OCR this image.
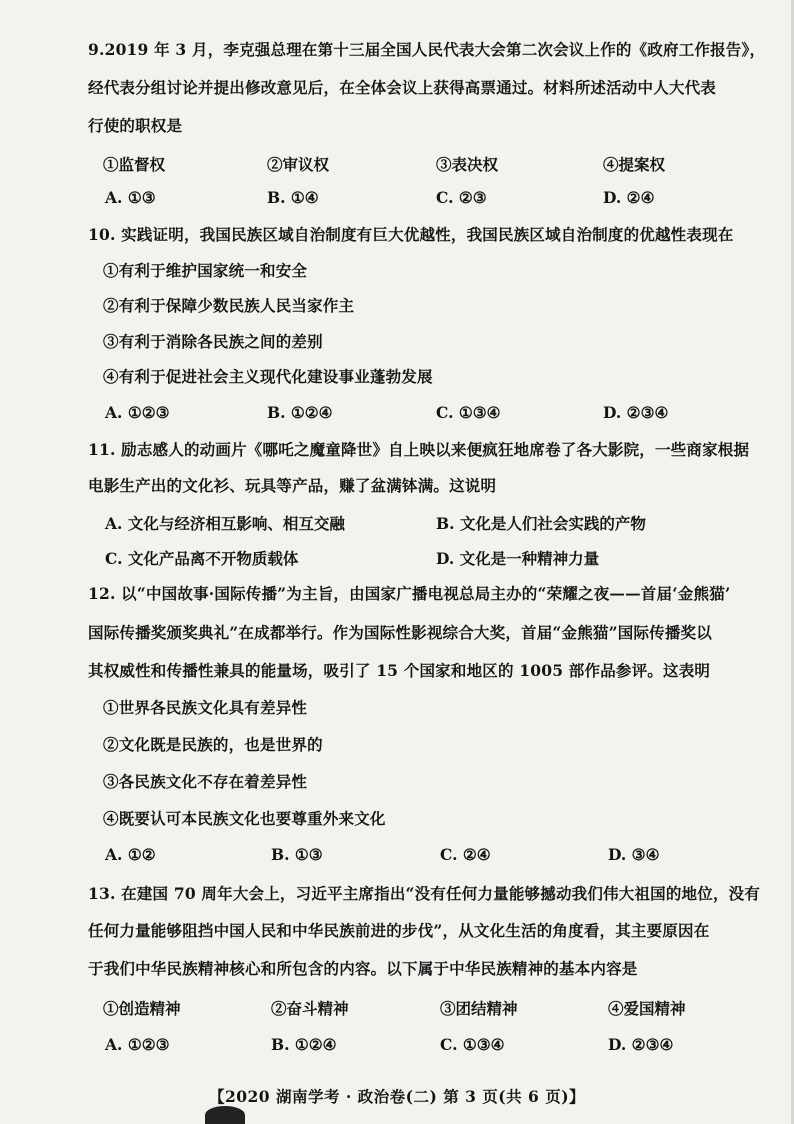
9.2019 年 3 月，李克强总理在第十三届全国人民代表大会第二次会议上作的《政府工作报告》，
经代表分组讨论并提出修改意见后，在全体会议上获得高票通过。材料所述活动中人大代表
行使的职权是
①监督权	②审议权	③表决权	④提案权
A. ①③	B. ①④	C. ②③	D. ②④
10. 实践证明，我国民族区域自治制度有巨大优越性，我国民族区域自治制度的优越性表现在
①有利于维护国家统一和安全
②有利于保障少数民族人民当家作主
③有利于消除各民族之间的差别
④有利于促进社会主义现代化建设事业蓬勃发展
A. ①②③	B. ①②④	C. ①③④	D. ②③④
11. 励志感人的动画片《哪吒之魔童降世》自上映以来便疯狂地席卷了各大影院，一些商家根据
电影生产出的文化衫、玩具等产品，赚了盆满钵满。这说明
A. 文化与经济相互影响、相互交融	B. 文化是人们社会实践的产物
C. 文化产品离不开物质载体	D. 文化是一种精神力量
12. 以“中国故事·国际传播”为主旨，由国家广播电视总局主办的“荣耀之夜——首届‘金熊猫’
国际传播奖颁奖典礼”在成都举行。作为国际性影视综合大奖，首届“金熊猫”国际传播奖以
其权威性和传播性兼具的能量场，吸引了 15 个国家和地区的 1005 部作品参评。这表明
①世界各民族文化具有差异性
②文化既是民族的，也是世界的
③各民族文化不存在着差异性
④既要认可本民族文化也要尊重外来文化
A. ①②	B. ①③	C. ②④	D. ③④
13. 在建国 70 周年大会上，习近平主席指出“没有任何力量能够撼动我们伟大祖国的地位，没有
任何力量能够阻挡中国人民和中华民族前进的步伐”，从文化生活的角度看，其主要原因在
于我们中华民族精神核心和所包含的内容。以下属于中华民族精神的基本内容是
①创造精神	②奋斗精神	③团结精神	④爱国精神
A. ①②③	B. ①②④	C. ①③④	D. ②③④
【2020 湖南学考 · 政治卷(二) 第 3 页(共 6 页)】
